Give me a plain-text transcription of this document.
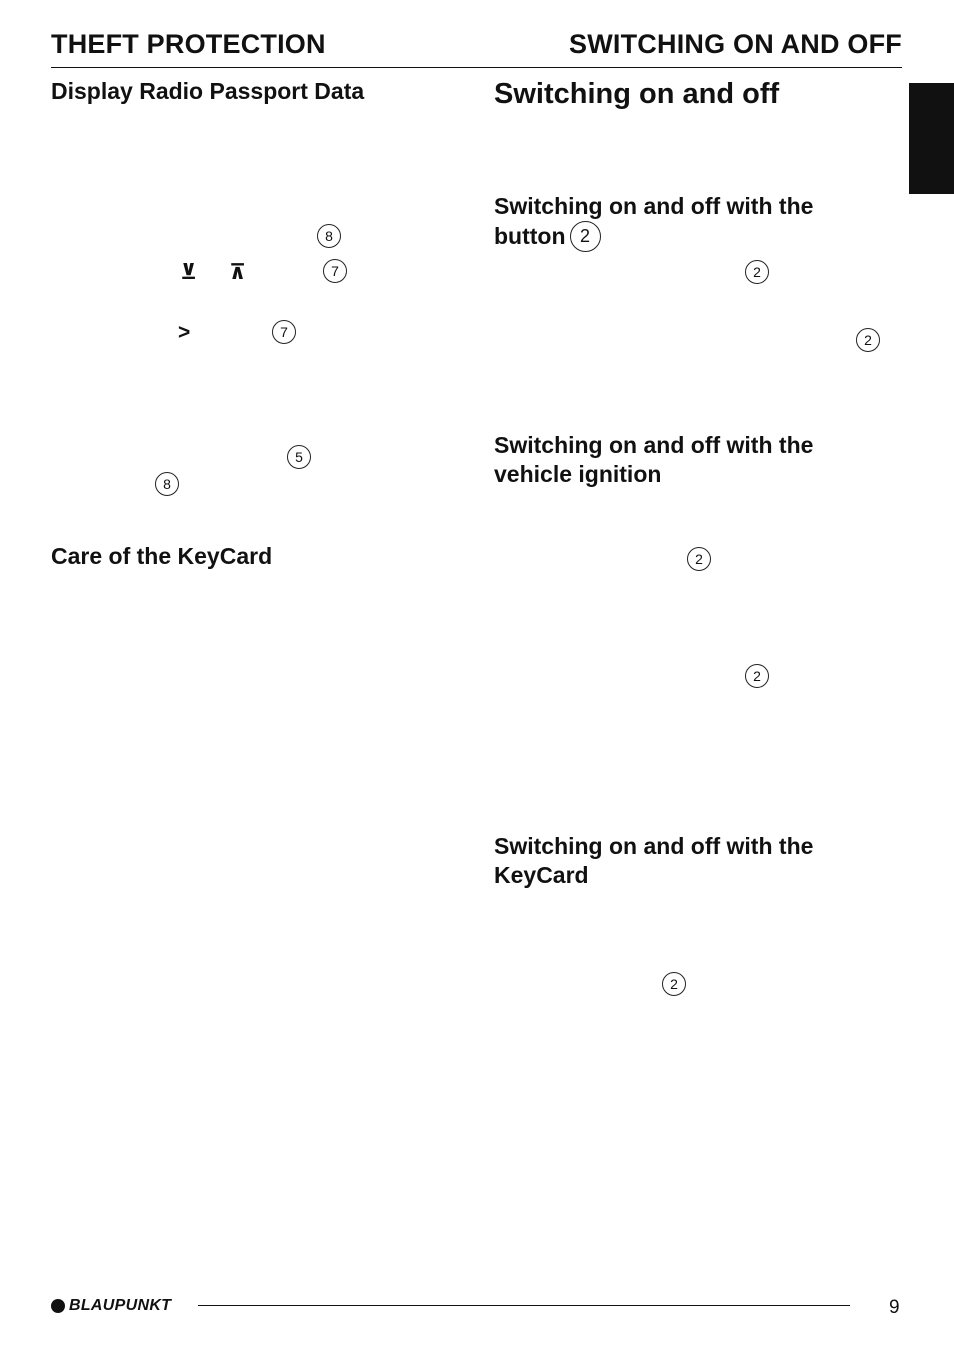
THEFT PROTECTION	SWITCHING ON AND OFF
Display Radio Passport Data
8
⊻ ⊼	7
>	7
5
8
Care of the KeyCard
Switching on and off
Switching on and off with the
button 2
2
2
Switching on and off with the
vehicle ignition
2
2
Switching on and off with the
KeyCard
2
BLAUPUNKT	9
